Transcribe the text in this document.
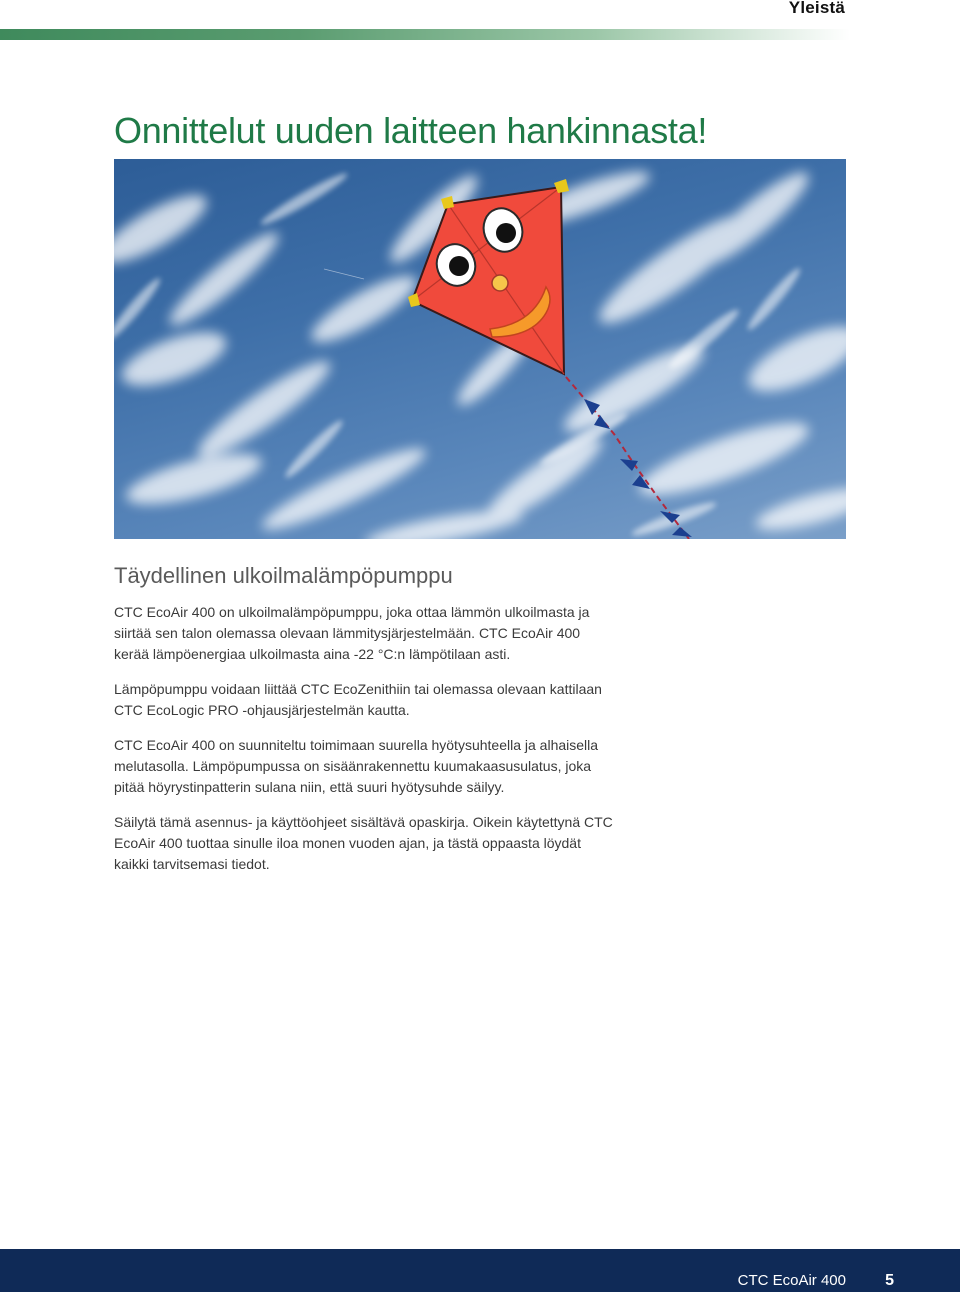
Yleistä
Onnittelut uuden laitteen hankinnasta!
Täydellinen ulkoilmalämpöpumppu

CTC EcoAir 400 on ulkoilmalämpöpumppu, joka ottaa lämmön ulkoilmasta ja siirtää sen talon olemassa olevaan lämmitysjärjestelmään. CTC EcoAir 400 kerää lämpöenergiaa ulkoilmasta aina -22 °C:n lämpötilaan asti.

Lämpöpumppu voidaan liittää CTC EcoZenithiin tai olemassa olevaan kattilaan CTC EcoLogic PRO -ohjausjärjestelmän kautta.

CTC EcoAir 400 on suunniteltu toimimaan suurella hyötysuhteella ja alhaisella melutasolla. Lämpöpumpussa on sisäänrakennettu kuumakaasusulatus, joka pitää höyrystinpatterin sulana niin, että suuri hyötysuhde säilyy.

Säilytä tämä asennus- ja käyttöohjeet sisältävä opaskirja. Oikein käytettynä CTC EcoAir 400 tuottaa sinulle iloa monen vuoden ajan, ja tästä oppaasta löydät kaikki tarvitsemasi tiedot.

CTC EcoAir 400 5
